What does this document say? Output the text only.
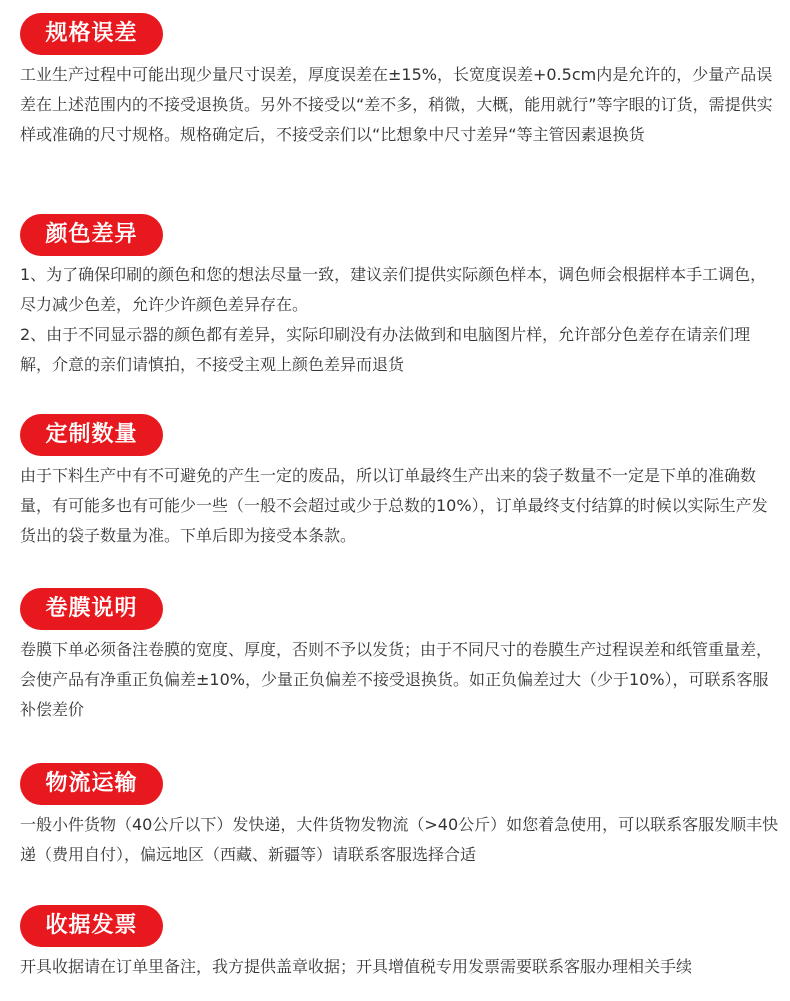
规格误差

工业生产过程中可能出现少量尺寸误差，厚度误差在±15%，长宽度误差+0.5cm内是允许的，少量产品误差在上述范围内的不接受退换货。另外不接受以“差不多，稍微，大概，能用就行”等字眼的订货，需提供实样或准确的尺寸规格。规格确定后，不接受亲们以“比想象中尺寸差异“等主管因素退换货

颜色差异

1、为了确保印刷的颜色和您的想法尽量一致，建议亲们提供实际颜色样本，调色师会根据样本手工调色，尽力减少色差，允许少许颜色差异存在。

2、由于不同显示器的颜色都有差异，实际印刷没有办法做到和电脑图片样，允许部分色差存在请亲们理解，介意的亲们请慎拍，不接受主观上颜色差异而退货

定制数量

由于下料生产中有不可避免的产生一定的废品，所以订单最终生产出来的袋子数量不一定是下单的准确数量，有可能多也有可能少一些（一般不会超过或少于总数的10%），订单最终支付结算的时候以实际生产发货出的袋子数量为准。下单后即为接受本条款。

卷膜说明

卷膜下单必须备注卷膜的宽度、厚度，否则不予以发货；由于不同尺寸的卷膜生产过程误差和纸管重量差，会使产品有净重正负偏差±10%，少量正负偏差不接受退换货。如正负偏差过大（少于10%），可联系客服补偿差价

物流运输

一般小件货物（40公斤以下）发快递，大件货物发物流（>40公斤）如您着急使用，可以联系客服发顺丰快递（费用自付），偏远地区（西藏、新疆等）请联系客服选择合适

收据发票

开具收据请在订单里备注，我方提供盖章收据；开具增值税专用发票需要联系客服办理相关手续
